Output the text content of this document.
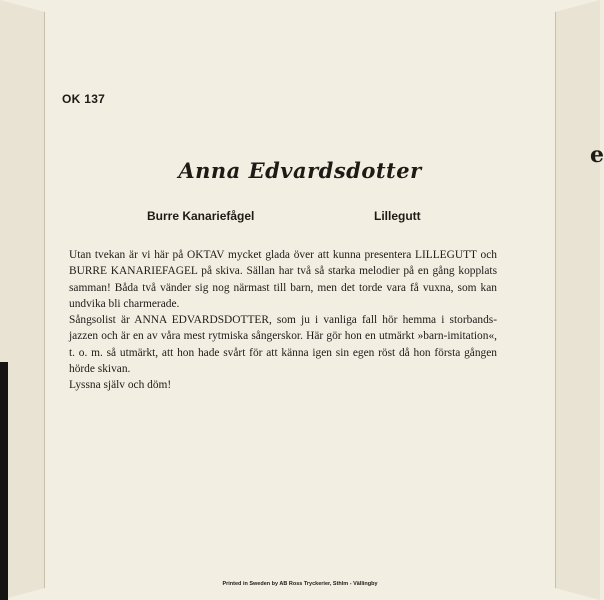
e
OK 137
Anna Edvardsdotter
Burre Kanariefågel	Lillegutt

Utan tvekan är vi här på OKTAV mycket glada över att kunna presentera LILLEGUTT och BURRE KANARIEFAGEL på skiva. Sällan har två så starka melodier på en gång kopplats samman! Båda två vänder sig nog närmast till barn, men det torde vara få vuxna, som kan undvika bli charmerade.

Sångsolist är ANNA EDVARDSDOTTER, som ju i vanliga fall hör hemma i storbands-jazzen och är en av våra mest rytmiska sångerskor. Här gör hon en utmärkt »barn-imitation«, t. o. m. så utmärkt, att hon hade svårt för att känna igen sin egen röst då hon första gången hörde skivan.

Lyssna själv och döm!

Printed in Sweden by AB Ross Tryckerier, Sthlm - Vällingby
